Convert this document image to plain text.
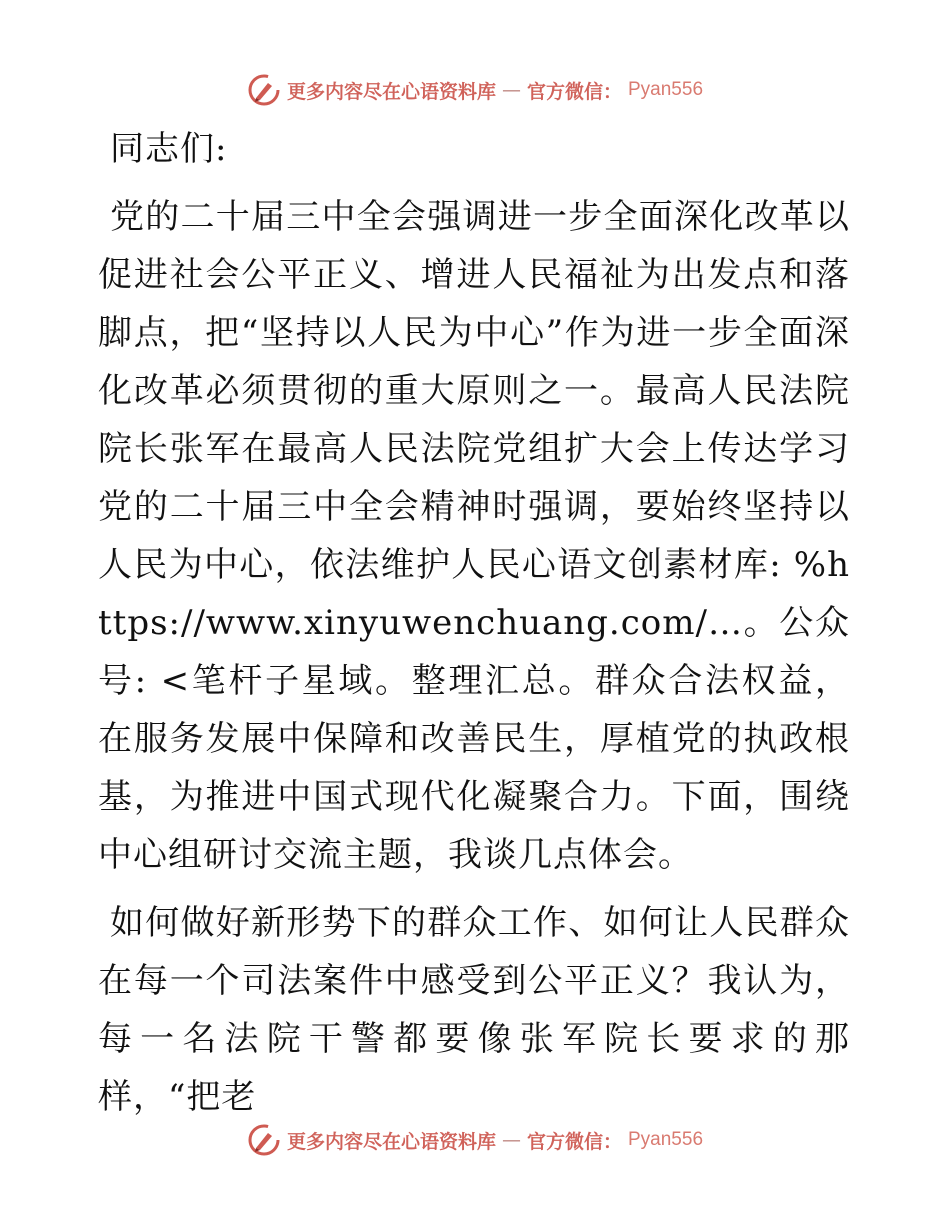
更多内容尽在心语资料库 — 官方微信： Pyan556

同志们:

党的二十届三中全会强调进一步全面深化改革以促进社会公平正义、增进人民福祉为出发点和落脚点，把“坚持以人民为中心”作为进一步全面深化改革必须贯彻的重大原则之一。最高人民法院院长张军在最高人民法院党组扩大会上传达学习党的二十届三中全会精神时强调，要始终坚持以人民为中心，依法维护人民心语文创素材库: %https://www.xinyuwenchuang.com/…。公众号: <笔杆子星域。整理汇总。群众合法权益，在服务发展中保障和改善民生，厚植党的执政根基，为推进中国式现代化凝聚合力。下面，围绕中心组研讨交流主题，我谈几点体会。

如何做好新形势下的群众工作、如何让人民群众在每一个司法案件中感受到公平正义？我认为，每一名法院干警都要像张军院长要求的那样，“把老

更多内容尽在心语资料库 — 官方微信： Pyan556
